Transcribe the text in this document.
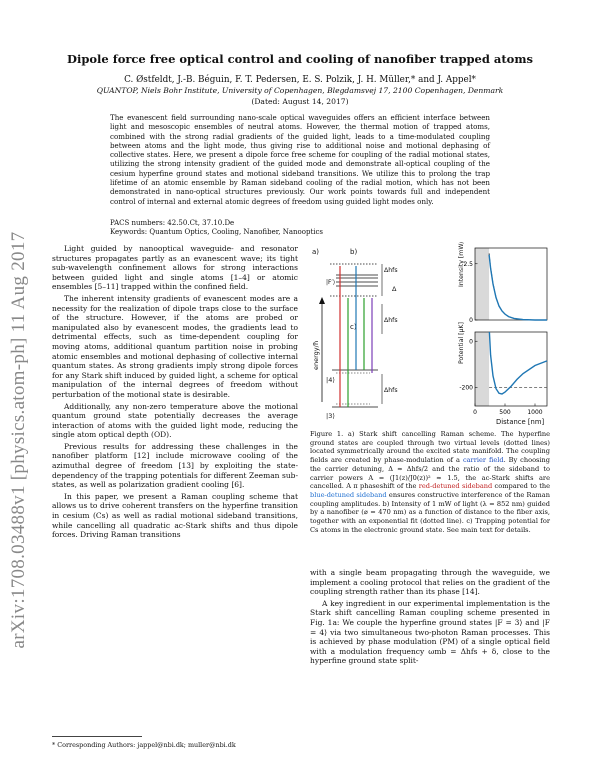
arXiv:1708.03488v1 [physics.atom-ph] 11 Aug 2017
Dipole force free optical control and cooling of nanofiber trapped atoms
C. Østfeldt, J.-B. Béguin, F. T. Pedersen, E. S. Polzik, J. H. Müller,* and J. Appel*
QUANTOP, Niels Bohr Institute, University of Copenhagen, Blegdamsvej 17, 2100 Copenhagen, Denmark
(Dated: August 14, 2017)

The evanescent field surrounding nano-scale optical waveguides offers an efficient interface between light and mesoscopic ensembles of neutral atoms. However, the thermal motion of trapped atoms, combined with the strong radial gradients of the guided light, leads to a time-modulated coupling between atoms and the light mode, thus giving rise to additional noise and motional dephasing of collective states. Here, we present a dipole force free scheme for coupling of the radial motional states, utilizing the strong intensity gradient of the guided mode and demonstrate all-optical coupling of the cesium hyperfine ground states and motional sideband transitions. We utilize this to prolong the trap lifetime of an atomic ensemble by Raman sideband cooling of the radial motion, which has not been demonstrated in nano-optical structures previously. Our work points towards full and independent control of internal and external atomic degrees of freedom using guided light modes only.

PACS numbers: 42.50.Ct, 37.10.De

Keywords: Quantum Optics, Cooling, Nanofiber, Nanooptics

Light guided by nanooptical waveguide- and resonator structures propagates partly as an evanescent wave; its tight sub-wavelength confinement allows for strong interactions between guided light and single atoms [1–4] or atomic ensembles [5–11] trapped within the confined field.

The inherent intensity gradients of evanescent modes are a necessity for the realization of dipole traps close to the surface of the structure. However, if the atoms are probed or manipulated also by evanescent modes, the gradients lead to detrimental effects, such as time-dependent coupling for moving atoms, additional quantum partition noise in probing atomic ensembles and motional dephasing of collective internal quantum states. As strong gradients imply strong dipole forces for any Stark shift induced by guided light, a scheme for optical manipulation of the internal degrees of freedom without perturbation of the motional state is desirable.

Additionally, any non-zero temperature above the motional quantum ground state potentially decreases the average interaction of atoms with the guided light mode, reducing the single atom optical depth (OD).

Previous results for addressing these challenges in the nanofiber platform [12] include microwave cooling of the azimuthal degree of freedom [13] by exploiting the state-dependency of the trapping potentials for different Zeeman sub-states, as well as polarization gradient cooling [6].

In this paper, we present a Raman coupling scheme that allows us to drive coherent transfers on the hyperfine transition in cesium (Cs) as well as radial motional sideband transitions, while cancelling all quadratic ac-Stark shifts and thus dipole forces. Driving Raman transitions

* Corresponding Authors: jappel@nbi.dk; muller@nbi.dk
a)	b)
c)
energy/ħ
|F′⟩
|4⟩
|3⟩
Δhfs
Δ
Δhfs
Δhfs
0
2.5
Intensity [mW/μm²]
-200
0
0	500	1000
Potential [μK]
Distance [nm]

Figure 1. a) Stark shift cancelling Raman scheme. The hyperfine ground states are coupled through two virtual levels (dotted lines) located symmetrically around the excited state manifold. The coupling fields are created by phase-modulation of a carrier field. By choosing the carrier detuning, Δ ≈ Δhfs/2 and the ratio of the sideband to carrier powers A = (J1(z)/J0(z))² ≈ 1.5, the ac-Stark shifts are cancelled. A π phaseshift of the red-detuned sideband compared to the blue-detuned sideband ensures constructive interference of the Raman coupling amplitudes. b) Intensity of 1 mW of light (λ = 852 nm) guided by a nanofiber (⌀ = 470 nm) as a function of distance to the fiber axis, together with an exponential fit (dotted line). c) Trapping potential for Cs atoms in the electronic ground state. See main text for details.

with a single beam propagating through the waveguide, we implement a cooling protocol that relies on the gradient of the coupling strength rather than its phase [14].

A key ingredient in our experimental implementation is the Stark shift cancelling Raman coupling scheme presented in Fig. 1a: We couple the hyperfine ground states |F = 3⟩ and |F = 4⟩ via two simultaneous two-photon Raman processes. This is achieved by phase modulation (PM) of a single optical field with a modulation frequency ωmb = Δhfs + δ, close to the hyperfine ground state split-
